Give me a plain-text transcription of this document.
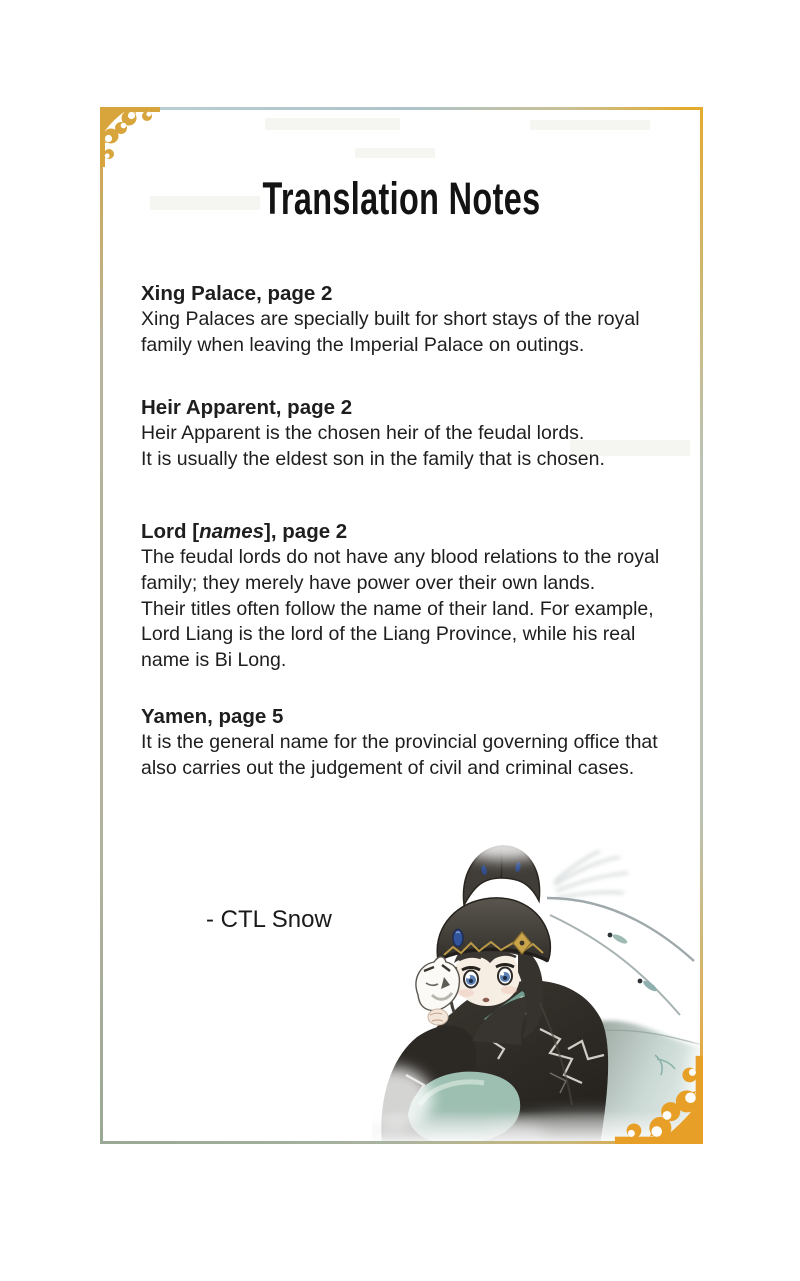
Translation Notes
Xing Palace, page 2
Xing Palaces are specially built for short stays of the royal
family when leaving the Imperial Palace on outings.
Heir Apparent, page 2
Heir Apparent is the chosen heir of the feudal lords.
It is usually the eldest son in the family that is chosen.
Lord [names], page 2
The feudal lords do not have any blood relations to the royal
family; they merely have power over their own lands.
Their titles often follow the name of their land. For example,
Lord Liang is the lord of the Liang Province, while his real
name is Bi Long.
Yamen, page 5
It is the general name for the provincial governing office that
also carries out the judgement of civil and criminal cases.
- CTL Snow
